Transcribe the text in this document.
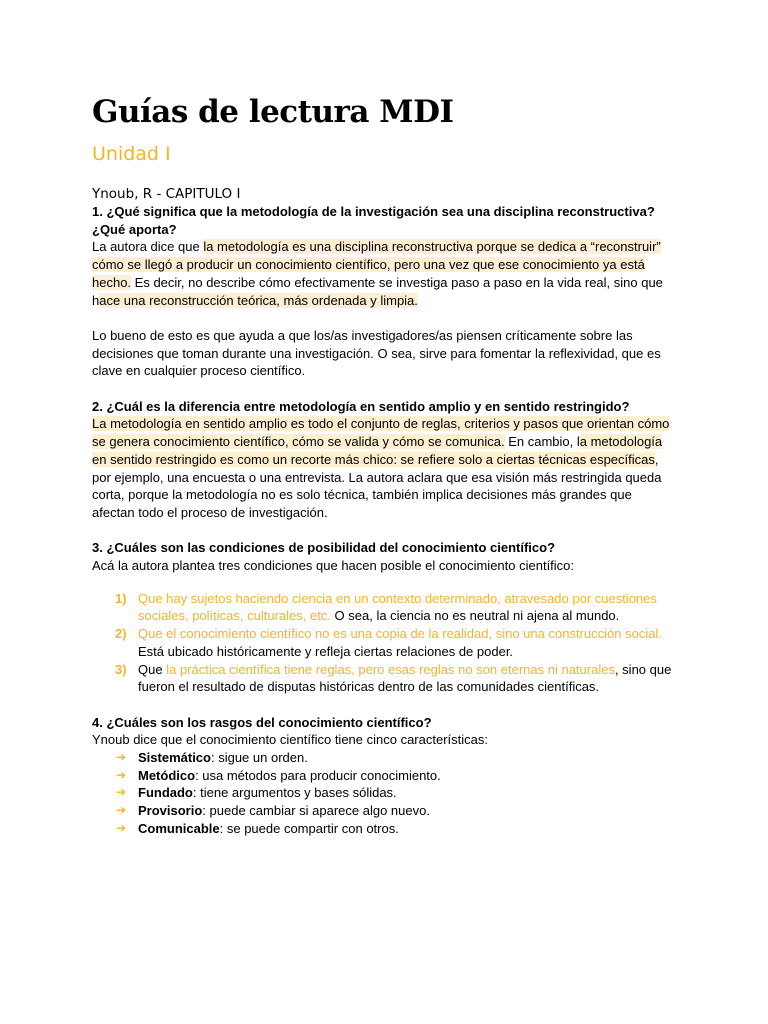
Guías de lectura MDI
Unidad I
Ynoub, R - CAPITULO I

1. ¿Qué significa que la metodología de la investigación sea una disciplina reconstructiva? ¿Qué aporta?

La autora dice que la metodología es una disciplina reconstructiva porque se dedica a “reconstruir” cómo se llegó a producir un conocimiento científico, pero una vez que ese conocimiento ya está hecho. Es decir, no describe cómo efectivamente se investiga paso a paso en la vida real, sino que hace una reconstrucción teórica, más ordenada y limpia.

Lo bueno de esto es que ayuda a que los/as investigadores/as piensen críticamente sobre las decisiones que toman durante una investigación. O sea, sirve para fomentar la reflexividad, que es clave en cualquier proceso científico.

2. ¿Cuál es la diferencia entre metodología en sentido amplio y en sentido restringido?

La metodología en sentido amplio es todo el conjunto de reglas, criterios y pasos que orientan cómo se genera conocimiento científico, cómo se valida y cómo se comunica. En cambio, la metodología en sentido restringido es como un recorte más chico: se refiere solo a ciertas técnicas específicas, por ejemplo, una encuesta o una entrevista. La autora aclara que esa visión más restringida queda corta, porque la metodología no es solo técnica, también implica decisiones más grandes que afectan todo el proceso de investigación.

3. ¿Cuáles son las condiciones de posibilidad del conocimiento científico?

Acá la autora plantea tres condiciones que hacen posible el conocimiento científico:

1) Que hay sujetos haciendo ciencia en un contexto determinado, atravesado por cuestiones sociales, políticas, culturales, etc. O sea, la ciencia no es neutral ni ajena al mundo.
2) Que el conocimiento científico no es una copia de la realidad, sino una construcción social. Está ubicado históricamente y refleja ciertas relaciones de poder.
3) Que la práctica científica tiene reglas, pero esas reglas no son eternas ni naturales, sino que fueron el resultado de disputas históricas dentro de las comunidades científicas.

4. ¿Cuáles son los rasgos del conocimiento científico?

Ynoub dice que el conocimiento científico tiene cinco características:

➔ Sistemático: sigue un orden.
➔ Metódico: usa métodos para producir conocimiento.
➔ Fundado: tiene argumentos y bases sólidas.
➔ Provisorio: puede cambiar si aparece algo nuevo.
➔ Comunicable: se puede compartir con otros.
